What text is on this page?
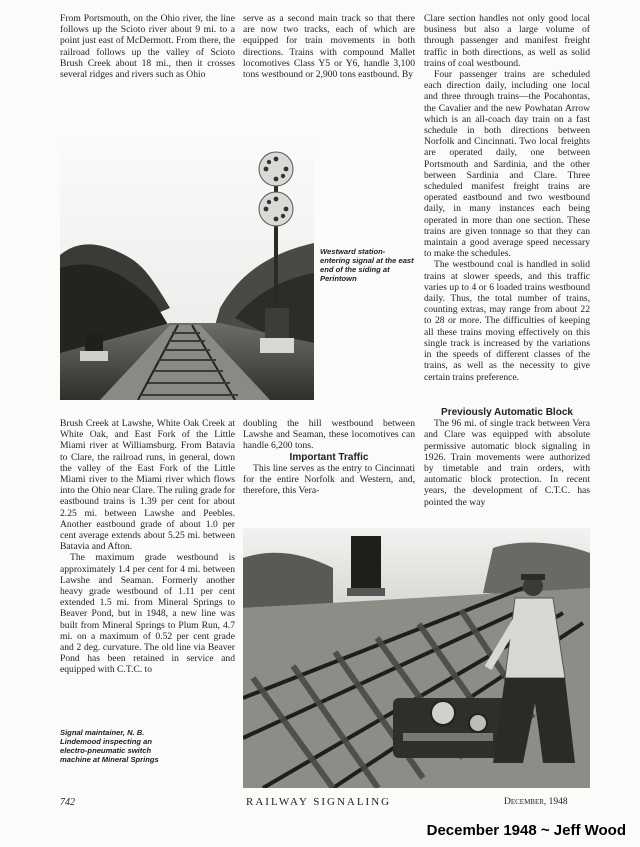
From Portsmouth, on the Ohio river, the line follows up the Scioto river about 9 mi. to a point just east of McDermott. From there, the railroad follows up the valley of Scioto Brush Creek about 18 mi., then it crosses several ridges and rivers such as Ohio

serve as a second main track so that there are now two tracks, each of which are equipped for train movements in both directions. Trains with compound Mallet locomotives Class Y5 or Y6, handle 3,100 tons westbound or 2,900 tons eastbound. By

Clare section handles not only good local business but also a large volume of through passenger and manifest freight traffic in both directions, as well as solid trains of coal westbound.

Four passenger trains are scheduled each direction daily, including one local and three through trains—the Pocahontas, the Cavalier and the new Powhatan Arrow which is an all-coach day train on a fast schedule in both directions between Norfolk and Cincinnati. Two local freights are operated daily, one between Portsmouth and Sardinia, and the other between Sardinia and Clare. Three scheduled manifest freight trains are operated eastbound and two westbound daily, in many instances each being operated in more than one section. These trains are given tonnage so that they can maintain a good average speed necessary to make the schedules.

The westbound coal is handled in solid trains at slower speeds, and this traffic varies up to 4 or 6 loaded trains westbound daily. Thus, the total number of trains, counting extras, may range from about 22 to 28 or more. The difficulties of keeping all these trains moving effectively on this single track is increased by the variations in the speeds of different classes of the trains, as well as the necessity to give certain trains preference.

Westward station-entering signal at the east end of the siding at Perintown

Brush Creek at Lawshe, White Oak Creek at White Oak, and East Fork of the Little Miami river at Williamsburg. From Batavia to Clare, the railroad runs, in general, down the valley of the East Fork of the Little Miami river to the Miami river which flows into the Ohio near Clare. The ruling grade for eastbound trains is 1.39 per cent for about 2.25 mi. between Lawshe and Peebles. Another eastbound grade of about 1.0 per cent average extends about 5.25 mi. between Batavia and Afton.

The maximum grade westbound is approximately 1.4 per cent for 4 mi. between Lawshe and Seaman. Formerly another heavy grade westbound of 1.11 per cent extended 1.5 mi. from Mineral Springs to Beaver Pond, but in 1948, a new line was built from Mineral Springs to Plum Run, 4.7 mi. on a maximum of 0.52 per cent grade and 2 deg. curvature. The old line via Beaver Pond has been retained in service and equipped with C.T.C. to

doubling the hill westbound between Lawshe and Seaman, these locomotives can handle 6,200 tons.

Important Traffic

This line serves as the entry to Cincinnati for the entire Norfolk and Western, and, therefore, this Vera-

Previously Automatic Block

The 96 mi. of single track between Vera and Clare was equipped with absolute permissive automatic block signaling in 1926. Train movements were authorized by timetable and train orders, with automatic block protection. In recent years, the development of C.T.C. has pointed the way

Signal maintainer, N. B. Lindemood inspecting an electro-pneumatic switch machine at Mineral Springs
742	RAILWAY SIGNALING	December, 1948
December 1948 ~ Jeff Wood
